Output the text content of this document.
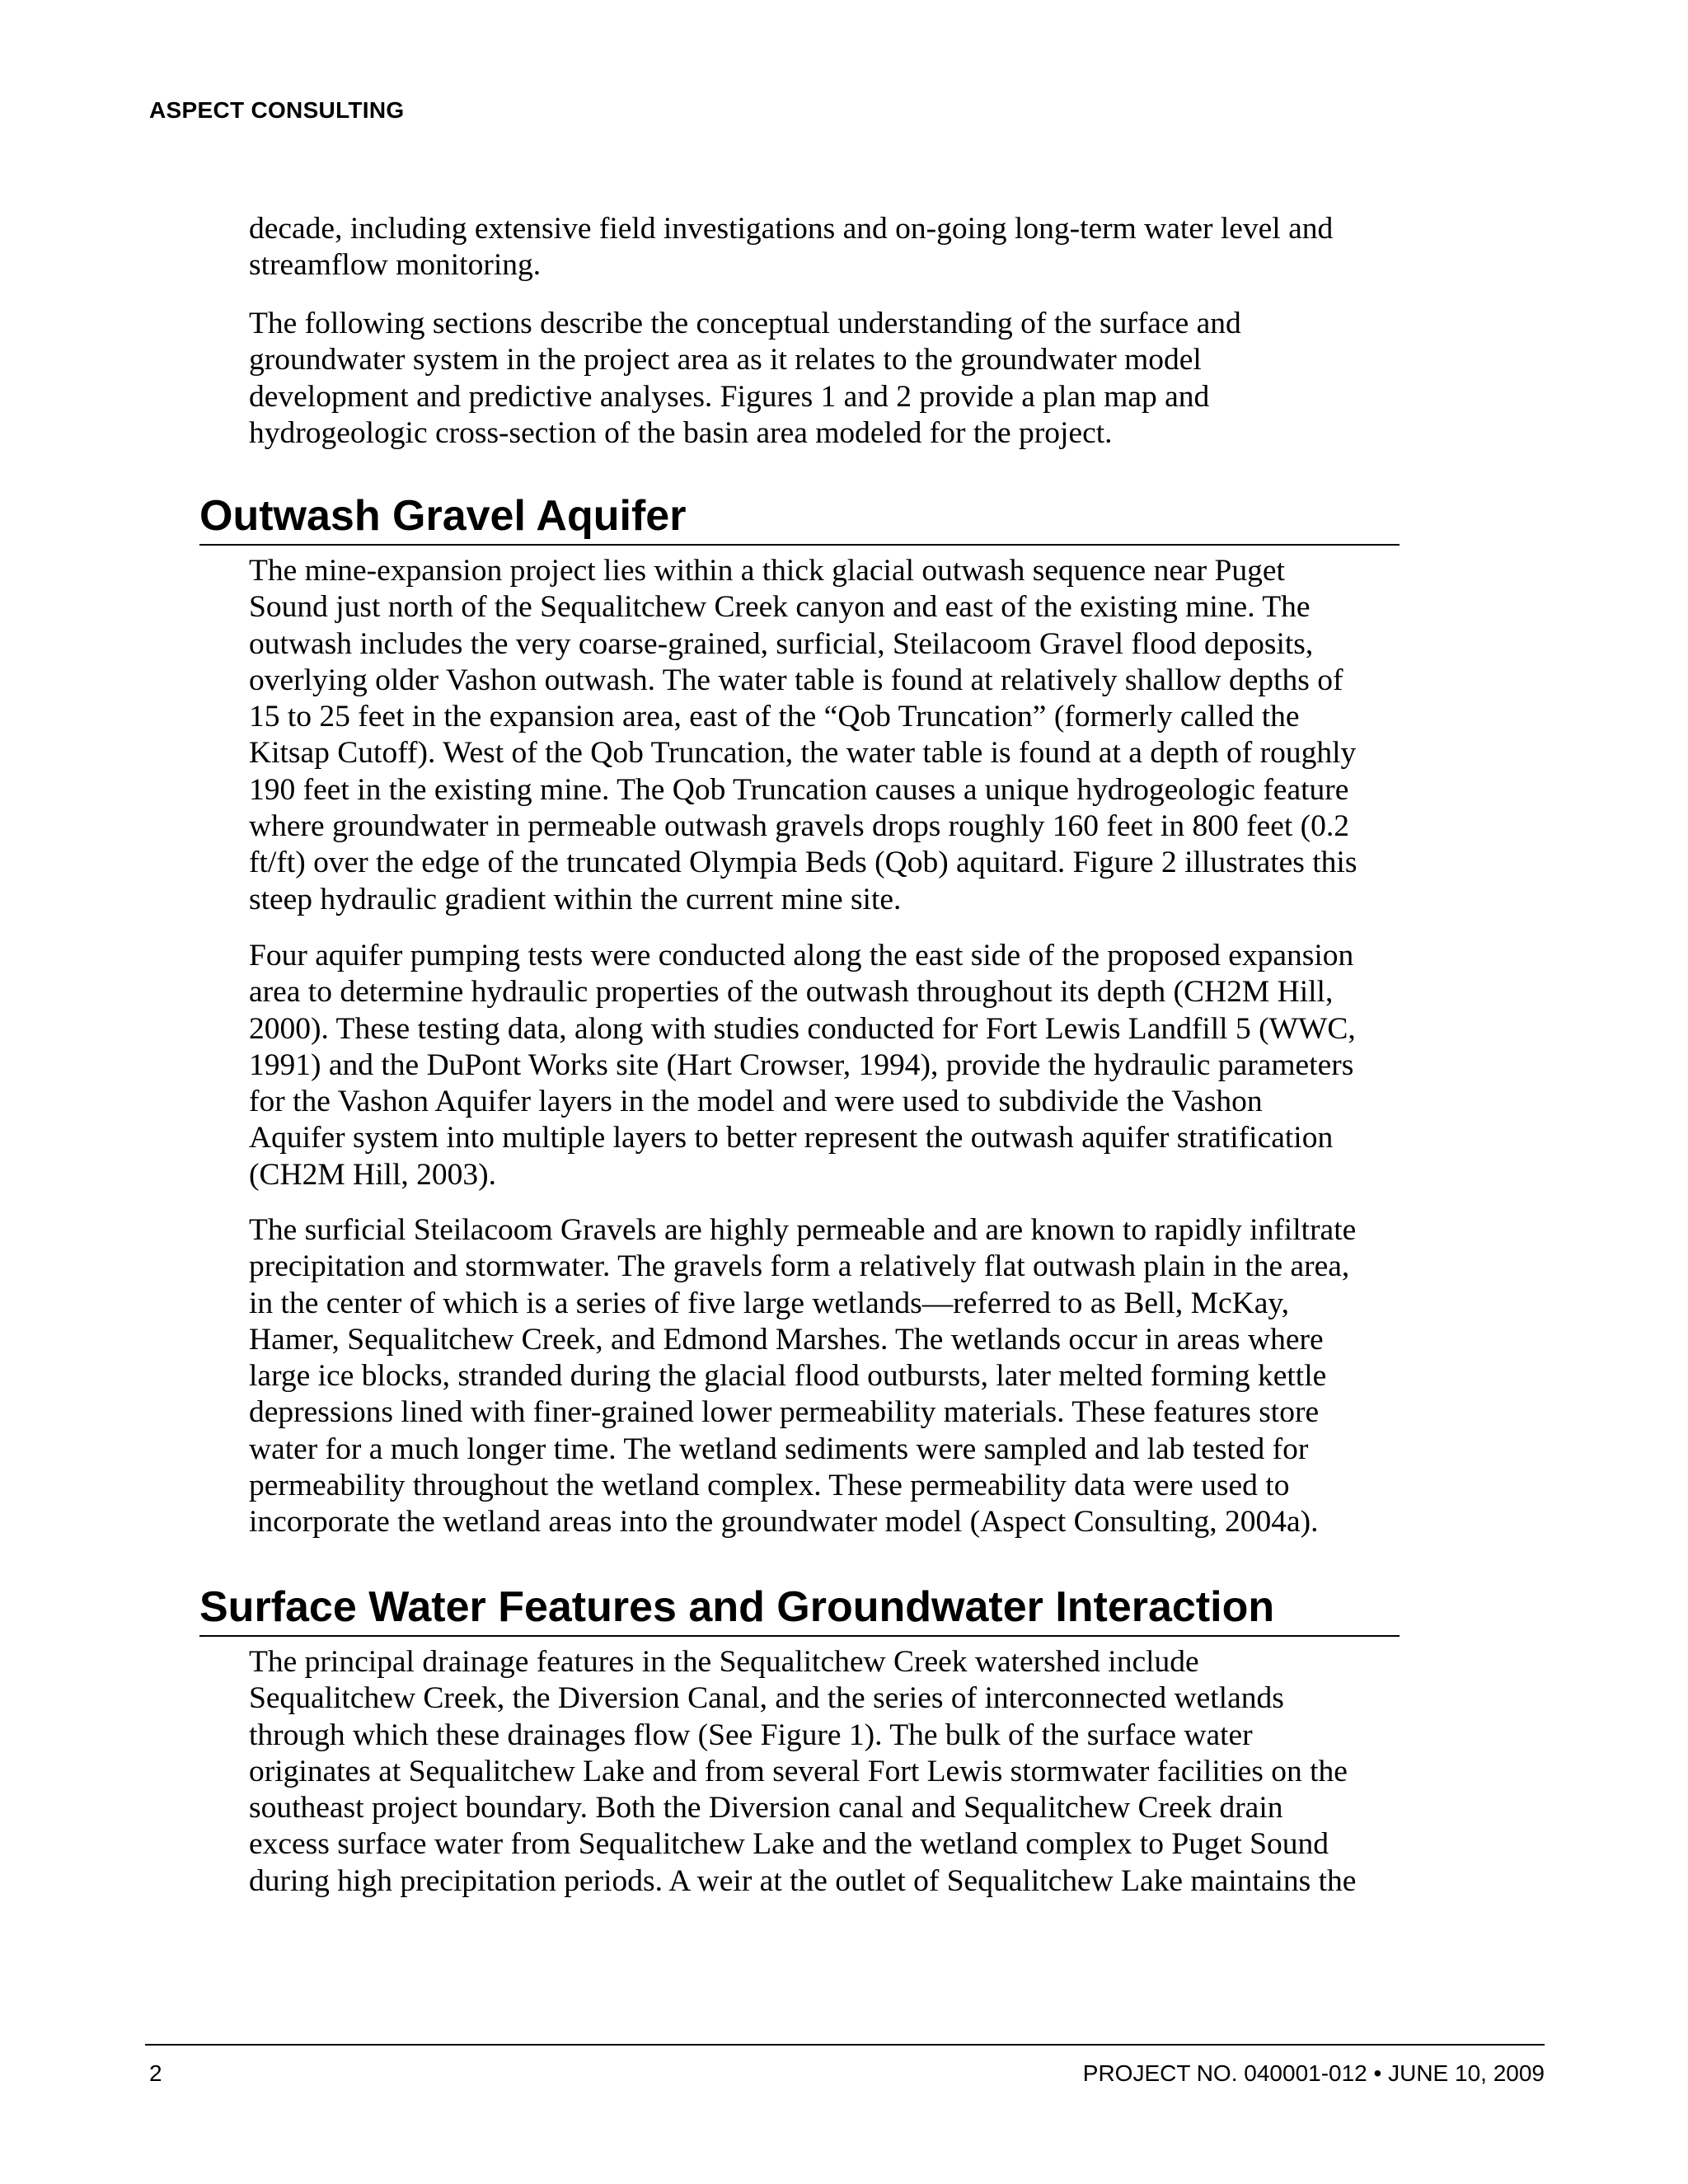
ASPECT CONSULTING

decade, including extensive field investigations and on-going long-term water level and
streamflow monitoring.

The following sections describe the conceptual understanding of the surface and
groundwater system in the project area as it relates to the groundwater model
development and predictive analyses. Figures 1 and 2 provide a plan map and
hydrogeologic cross-section of the basin area modeled for the project.

Outwash Gravel Aquifer

The mine-expansion project lies within a thick glacial outwash sequence near Puget
Sound just north of the Sequalitchew Creek canyon and east of the existing mine. The
outwash includes the very coarse-grained, surficial, Steilacoom Gravel flood deposits,
overlying older Vashon outwash. The water table is found at relatively shallow depths of
15 to 25 feet in the expansion area, east of the “Qob Truncation” (formerly called the
Kitsap Cutoff). West of the Qob Truncation, the water table is found at a depth of roughly
190 feet in the existing mine. The Qob Truncation causes a unique hydrogeologic feature
where groundwater in permeable outwash gravels drops roughly 160 feet in 800 feet (0.2
ft/ft) over the edge of the truncated Olympia Beds (Qob) aquitard. Figure 2 illustrates this
steep hydraulic gradient within the current mine site.

Four aquifer pumping tests were conducted along the east side of the proposed expansion
area to determine hydraulic properties of the outwash throughout its depth (CH2M Hill,
2000). These testing data, along with studies conducted for Fort Lewis Landfill 5 (WWC,
1991) and the DuPont Works site (Hart Crowser, 1994), provide the hydraulic parameters
for the Vashon Aquifer layers in the model and were used to subdivide the Vashon
Aquifer system into multiple layers to better represent the outwash aquifer stratification
(CH2M Hill, 2003).

The surficial Steilacoom Gravels are highly permeable and are known to rapidly infiltrate
precipitation and stormwater. The gravels form a relatively flat outwash plain in the area,
in the center of which is a series of five large wetlands—referred to as Bell, McKay,
Hamer, Sequalitchew Creek, and Edmond Marshes. The wetlands occur in areas where
large ice blocks, stranded during the glacial flood outbursts, later melted forming kettle
depressions lined with finer-grained lower permeability materials. These features store
water for a much longer time. The wetland sediments were sampled and lab tested for
permeability throughout the wetland complex. These permeability data were used to
incorporate the wetland areas into the groundwater model (Aspect Consulting, 2004a).

Surface Water Features and Groundwater Interaction

The principal drainage features in the Sequalitchew Creek watershed include
Sequalitchew Creek, the Diversion Canal, and the series of interconnected wetlands
through which these drainages flow (See Figure 1). The bulk of the surface water
originates at Sequalitchew Lake and from several Fort Lewis stormwater facilities on the
southeast project boundary. Both the Diversion canal and Sequalitchew Creek drain
excess surface water from Sequalitchew Lake and the wetland complex to Puget Sound
during high precipitation periods. A weir at the outlet of Sequalitchew Lake maintains the

2	PROJECT NO. 040001-012 • JUNE 10, 2009
